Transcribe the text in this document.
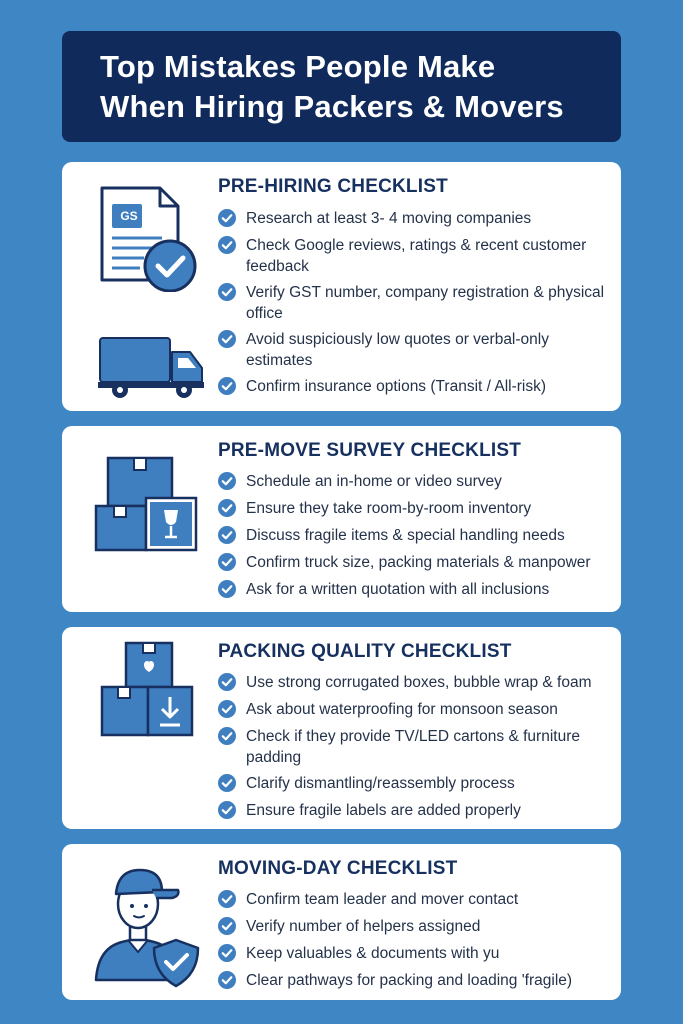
Top Mistakes People Make
When Hiring Packers & Movers
GS
PRE-HIRING CHECKLIST
Research at least 3- 4 moving companies
Check Google reviews, ratings & recent customer feedback
Verify GST number, company registration & physical office
Avoid suspiciously low quotes or verbal-only estimates
Confirm insurance options (Transit / All-risk)
PRE-MOVE SURVEY CHECKLIST
Schedule an in-home or video survey
Ensure they take room-by-room inventory
Discuss fragile items & special handling needs
Confirm truck size, packing materials & manpower
Ask for a written quotation with all inclusions
PACKING QUALITY CHECKLIST
Use strong corrugated boxes, bubble wrap & foam
Ask about waterproofing for monsoon season
Check if they provide TV/LED cartons & furniture padding
Clarify dismantling/reassembly process
Ensure fragile labels are added properly
MOVING-DAY CHECKLIST
Confirm team leader and mover contact
Verify number of helpers assigned
Keep valuables & documents with yu
Clear pathways for packing and loading 'fragile)
